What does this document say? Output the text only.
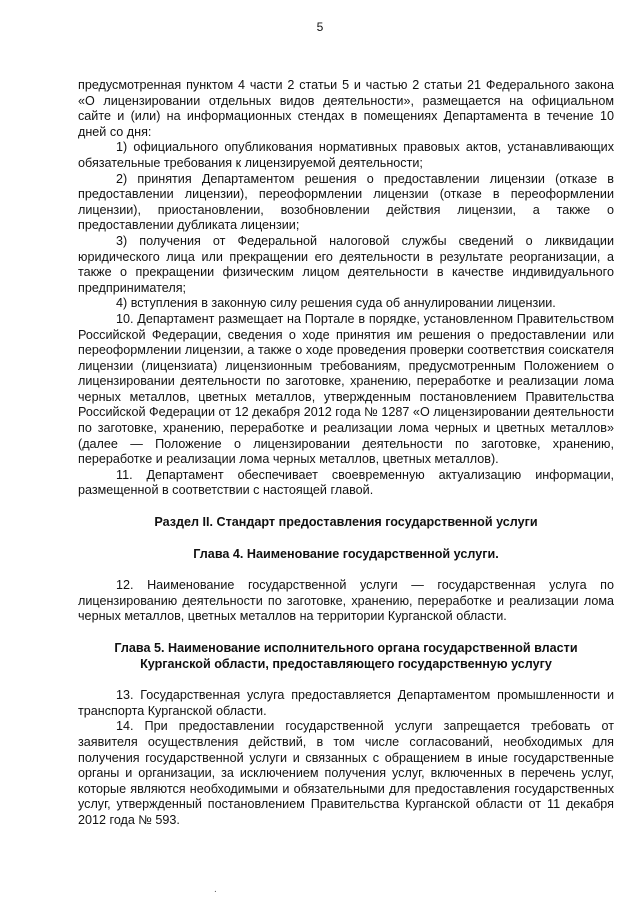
5

предусмотренная пунктом 4 части 2 статьи 5 и частью 2 статьи 21 Федерального закона «О лицензировании отдельных видов деятельности», размещается на официальном сайте и (или) на информационных стендах в помещениях Департамента в течение 10 дней со дня:

1) официального опубликования нормативных правовых актов, устанавливающих обязательные требования к лицензируемой деятельности;

2) принятия Департаментом решения о предоставлении лицензии (отказе в предоставлении лицензии), переоформлении лицензии (отказе в переоформлении лицензии), приостановлении, возобновлении действия лицензии, а также о предоставлении дубликата лицензии;

3) получения от Федеральной налоговой службы сведений о ликвидации юридического лица или прекращении его деятельности в результате реорганизации, а также о прекращении физическим лицом деятельности в качестве индивидуального предпринимателя;

4) вступления в законную силу решения суда об аннулировании лицензии.

10. Департамент размещает на Портале в порядке, установленном Правительством Российской Федерации, сведения о ходе принятия им решения о предоставлении или переоформлении лицензии, а также о ходе проведения проверки соответствия соискателя лицензии (лицензиата) лицензионным требованиям, предусмотренным Положением о лицензировании деятельности по заготовке, хранению, переработке и реализации лома черных металлов, цветных металлов, утвержденным постановлением Правительства Российской Федерации от 12 декабря 2012 года № 1287 «О лицензировании деятельности по заготовке, хранению, переработке и реализации лома черных и цветных металлов» (далее — Положение о лицензировании деятельности по заготовке, хранению, переработке и реализации лома черных металлов, цветных металлов).

11. Департамент обеспечивает своевременную актуализацию информации, размещенной в соответствии с настоящей главой.

Раздел II. Стандарт предоставления государственной услуги

Глава 4. Наименование государственной услуги.

12. Наименование государственной услуги — государственная услуга по лицензированию деятельности по заготовке, хранению, переработке и реализации лома черных металлов, цветных металлов на территории Курганской области.

Глава 5. Наименование исполнительного органа государственной власти

Курганской области, предоставляющего государственную услугу

13. Государственная услуга предоставляется Департаментом промышленности и транспорта Курганской области.

14. При предоставлении государственной услуги запрещается требовать от заявителя осуществления действий, в том числе согласований, необходимых для получения государственной услуги и связанных с обращением в иные государственные органы и организации, за исключением получения услуг, включенных в перечень услуг, которые являются необходимыми и обязательными для предоставления государственных услуг, утвержденный постановлением Правительства Курганской области от 11 декабря 2012 года № 593.

.
